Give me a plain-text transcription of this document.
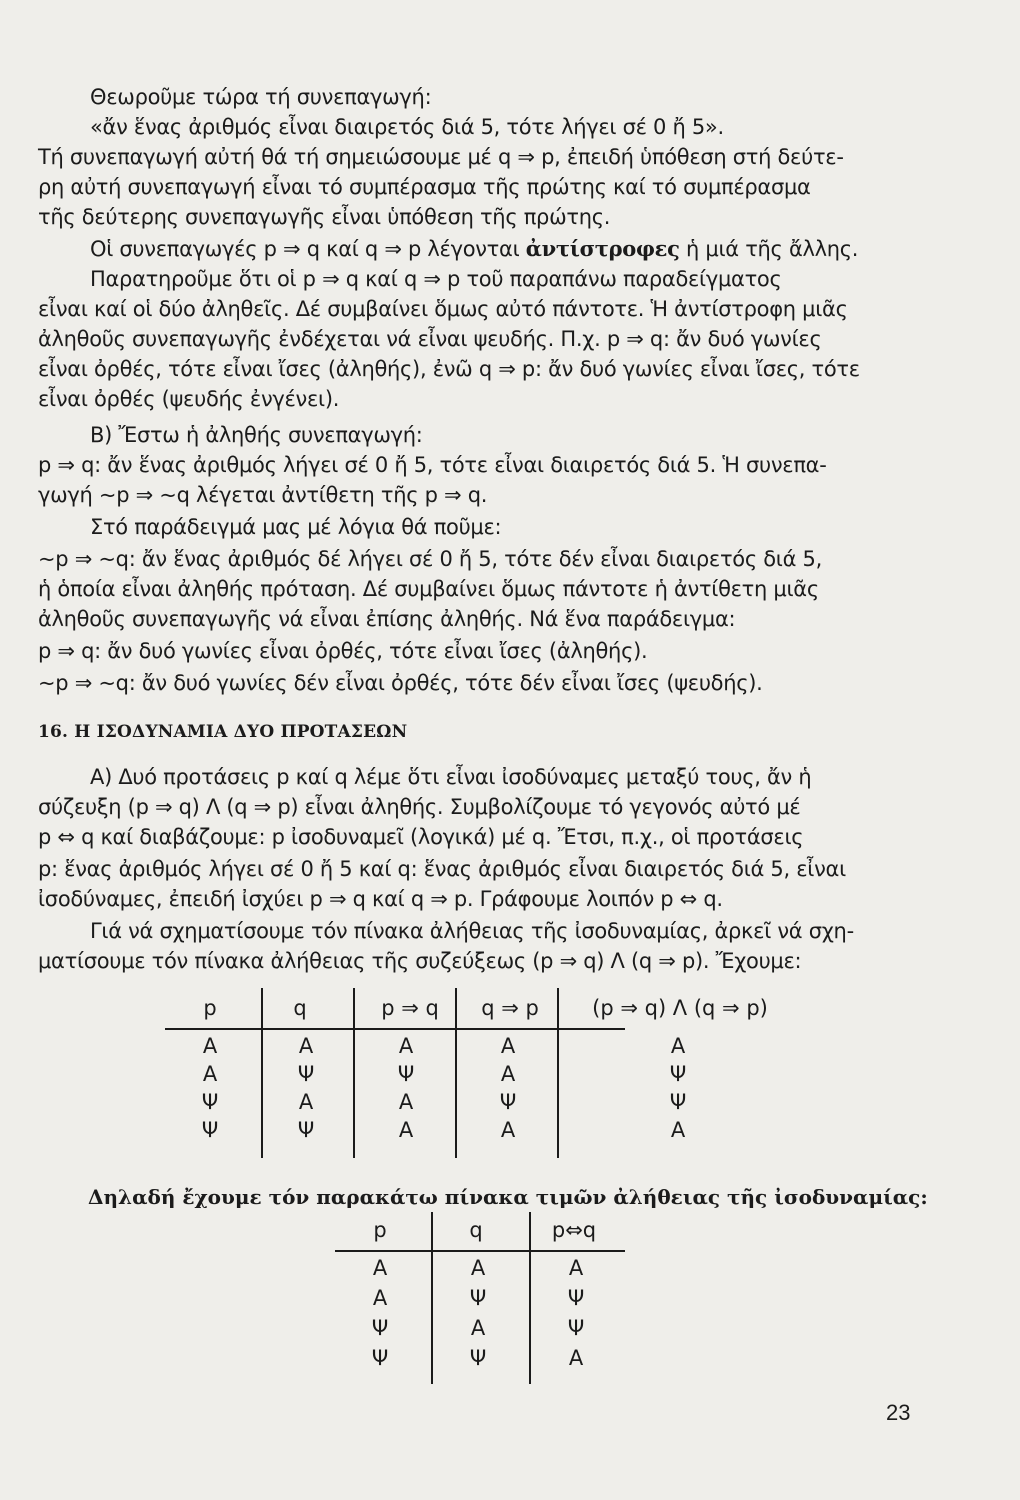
Θεωροῦμε τώρα τή συνεπαγωγή:
«ἄν ἕνας ἀριθμός εἶναι διαιρετός διά 5, τότε λήγει σέ 0 ἤ 5».
Τή συνεπαγωγή αὐτή θά τή σημειώσουμε μέ q ⇒ p, ἐπειδή ὑπόθεση στή δεύτε-
ρη αὐτή συνεπαγωγή εἶναι τό συμπέρασμα τῆς πρώτης καί τό συμπέρασμα
τῆς δεύτερης συνεπαγωγῆς εἶναι ὑπόθεση τῆς πρώτης.
Οἱ συνεπαγωγές p ⇒ q καί q ⇒ p λέγονται ἀντίστροφες ἡ μιά τῆς ἄλλης.
Παρατηροῦμε ὅτι οἱ p ⇒ q καί q ⇒ p τοῦ παραπάνω παραδείγματος
εἶναι καί οἱ δύο ἀληθεῖς. Δέ συμβαίνει ὅμως αὐτό πάντοτε. Ἡ ἀντίστροφη μιᾶς
ἀληθοῦς συνεπαγωγῆς ἐνδέχεται νά εἶναι ψευδής. Π.χ. p ⇒ q: ἄν δυό γωνίες
εἶναι ὀρθές, τότε εἶναι ἴσες (ἀληθής), ἐνῶ q ⇒ p: ἄν δυό γωνίες εἶναι ἴσες, τότε
εἶναι ὀρθές (ψευδής ἐνγένει).
Β) Ἔστω ἡ ἀληθής συνεπαγωγή:
p ⇒ q: ἄν ἕνας ἀριθμός λήγει σέ 0 ἤ 5, τότε εἶναι διαιρετός διά 5. Ἡ συνεπα-
γωγή ∼p ⇒ ∼q λέγεται ἀντίθετη τῆς p ⇒ q.
Στό παράδειγμά μας μέ λόγια θά ποῦμε:
∼p ⇒ ∼q: ἄν ἕνας ἀριθμός δέ λήγει σέ 0 ἤ 5, τότε δέν εἶναι διαιρετός διά 5,
ἡ ὁποία εἶναι ἀληθής πρόταση. Δέ συμβαίνει ὅμως πάντοτε ἡ ἀντίθετη μιᾶς
ἀληθοῦς συνεπαγωγῆς νά εἶναι ἐπίσης ἀληθής. Νά ἕνα παράδειγμα:
p ⇒ q: ἄν δυό γωνίες εἶναι ὀρθές, τότε εἶναι ἴσες (ἀληθής).
∼p ⇒ ∼q: ἄν δυό γωνίες δέν εἶναι ὀρθές, τότε δέν εἶναι ἴσες (ψευδής).
16. Η ΙΣΟΔΥΝΑΜΙΑ ΔΥΟ ΠΡΟΤΑΣΕΩΝ
Α) Δυό προτάσεις p καί q λέμε ὅτι εἶναι ἰσοδύναμες μεταξύ τους, ἄν ἡ
σύζευξη (p ⇒ q) Λ (q ⇒ p) εἶναι ἀληθής. Συμβολίζουμε τό γεγονός αὐτό μέ
p ⇔ q καί διαβάζουμε: p ἰσοδυναμεῖ (λογικά) μέ q. Ἔτσι, π.χ., οἱ προτάσεις
p: ἕνας ἀριθμός λήγει σέ 0 ἤ 5 καί q: ἕνας ἀριθμός εἶναι διαιρετός διά 5, εἶναι
ἰσοδύναμες, ἐπειδή ἰσχύει p ⇒ q καί q ⇒ p. Γράφουμε λοιπόν p ⇔ q.
Γιά νά σχηματίσουμε τόν πίνακα ἀλήθειας τῆς ἰσοδυναμίας, ἀρκεῖ νά σχη-
ματίσουμε τόν πίνακα ἀλήθειας τῆς συζεύξεως (p ⇒ q) Λ (q ⇒ p). Ἔχουμε:
p	q	p ⇒ q	q ⇒ p	(p ⇒ q) Λ (q ⇒ p)
Α	Α	Α	Α	Α
Α	Ψ	Ψ	Α	Ψ
Ψ	Α	Α	Ψ	Ψ
Ψ	Ψ	Α	Α	Α
Δηλαδή ἔχουμε τόν παρακάτω πίνακα τιμῶν ἀλήθειας τῆς ἰσοδυναμίας:
p	q	p⇔q
Α	Α	Α
Α	Ψ	Ψ
Ψ	Α	Ψ
Ψ	Ψ	Α
23
